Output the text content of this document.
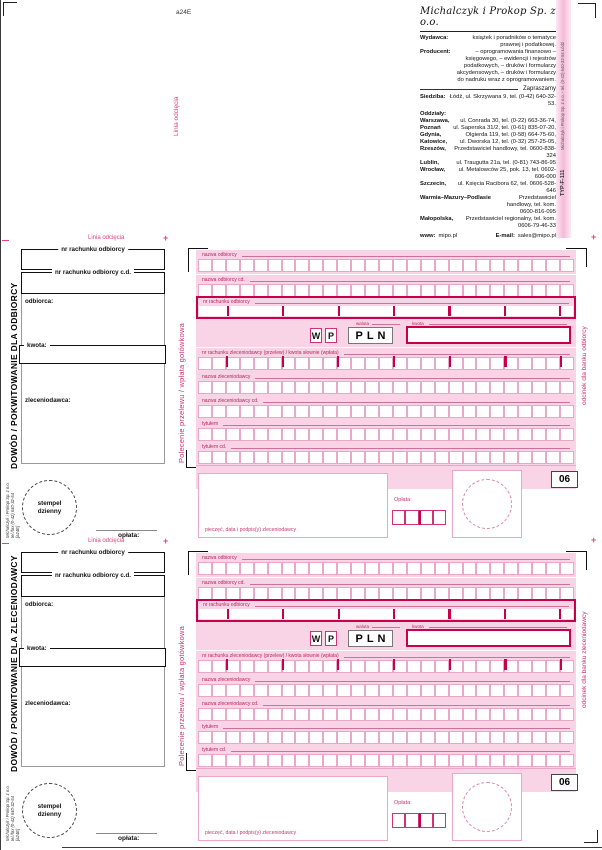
a24E
Linia odcięcia
Michalczyk i Prokop Sp. z o.o.
Wydawca:	książek i poradników o tematyce prawnej i podatkowej.
Producent:	– oprogramowania finansowo – księgowego, – ewidencji i rejestrów podatkowych, – druków i formularzy akcydensowych, – druków i formularzy do nadruku wraz z oprogramowaniem.
Zapraszamy
Siedziba: Łódź, ul. Skrzywana 9, tel. (0-42) 640-32-53.
Oddziały:
Warszawa,	ul. Conrada 30, tel. (0-22) 663-36-74,
Poznań	ul. Saperska 31/2, tel. (0-61) 835-07-20,
Gdynia,	Olgierda 119, tel. (0-58) 664-75-60,
Katowice,	ul. Dworska 12, tel. (0-32) 257-25-05,
Rzeszów,	Przedstawiciel handlowy, tel. 0600-838-324
Lublin,	ul. Traugutta 21a, tel. (0-81) 743-86-95
Wrocław,	ul. Metalowców 25, pok. 13, tel. 0602-606-000
Szczecin,	ul. Księcia Racibora 62, tel. 0606-528-646
Warmia–Mazury–Podlasie	Przedstawiciel handlowy, tel. kom. 0600-816-095
Małopolska,	Przedstawiciel regionalny, tel. kom. 0606-79-46-33
www: mipo.pl	E-mail: sales@mipo.pl
Michalczyk i Prokop Sp. z o.o. - tel. (0-42) 640-32-54 Łódź
TYP-F-111
Linia odcięcia	+	+
DOWÓD / POKWITOWANIE DLA ODBIORCY
nr rachunku odbiorcy
nr rachunku odbiorcy c.d.
odbiorca:
kwota:
zleceniodawca:
stempel
dzienny
Michalczyk i Prokop Sp. z o.o. tel./fax (0-42) 640-32-54 [a24E]	opłata:
Polecenie przelewu / wpłata gotówkowa
nazwa odbiorcy
nazwa odbiorcy cd.
nr rachunku odbiorcy
W P
waluta
PLN
kwota
nr rachunku zleceniodawcy (przelew) / kwota słownie (wpłata)
nazwa zleceniodawcy
nazwa zleceniodawcy cd.
tytułem
tytułem cd.
pieczęć, data i podpis(y) zleceniodawcy
Opłata:
06
odcinek dla banku odbiorcy
Linia odcięcia	+	+
DOWÓD / POKWITOWANIE DLA ZLECENIODAWCY
nr rachunku odbiorcy
nr rachunku odbiorcy c.d.
odbiorca:
kwota:
zleceniodawca:
stempel
dzienny
Michalczyk i Prokop Sp. z o.o. tel./fax (0-42) 640-32-54 [a24E]	opłata:
Polecenie przelewu / wpłata gotówkowa
nazwa odbiorcy
nazwa odbiorcy cd.
nr rachunku odbiorcy
W P
waluta
PLN
kwota
nr rachunku zleceniodawcy (przelew) / kwota słownie (wpłata)
nazwa zleceniodawcy
nazwa zleceniodawcy cd.
tytułem
tytułem cd.
pieczęć, data i podpis(y) zleceniodawcy
Opłata:
06
odcinek dla banku zleceniodawcy
